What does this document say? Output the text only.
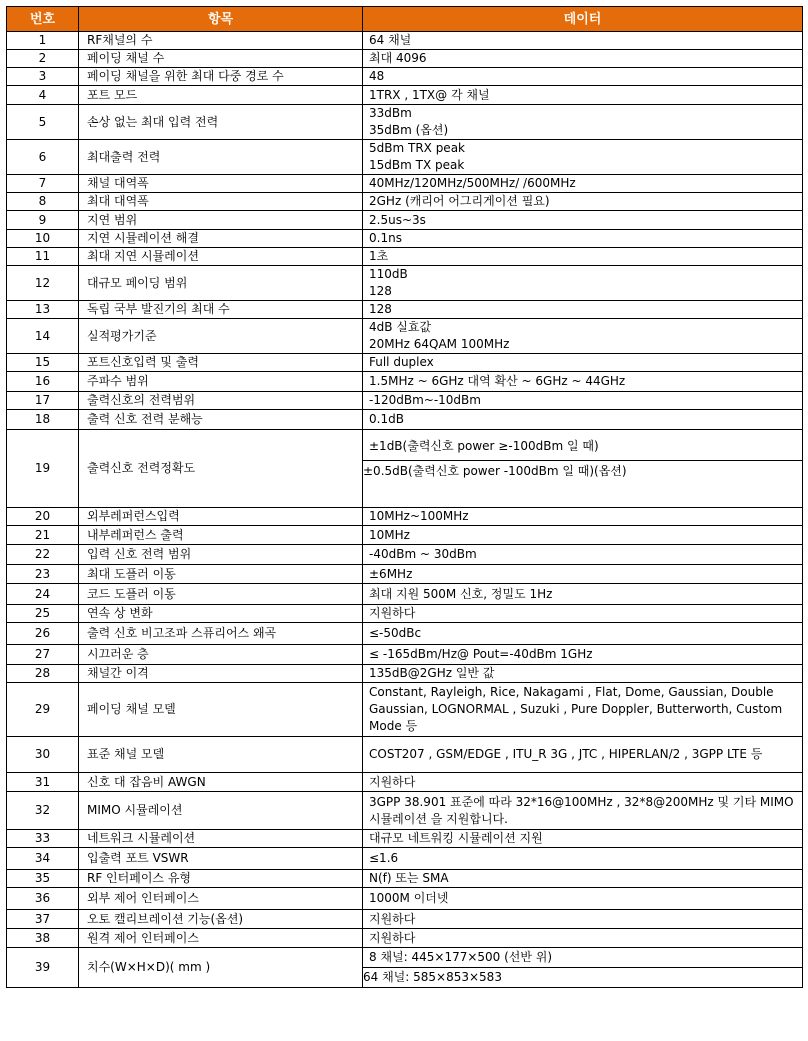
번호	항목	데이터
1	RF채널의 수	64 채널

2	페이딩 채널 수	최대 4096

3	페이딩 채널을 위한 최대 다중 경로 수	48

4	포트 모드	1TRX , 1TX@ 각 채널

5	손상 없는 최대 입력 전력	33dBm
35dBm (옵션)

6	최대출력 전력	5dBm TRX peak
15dBm TX peak

7	채널 대역폭	40MHz/120MHz/500MHz/ /600MHz

8	최대 대역폭	2GHz (캐리어 어그리게이션 필요)

9	지연 범위	2.5us~3s

10	지연 시뮬레이션 해결	0.1ns

11	최대 지연 시뮬레이션	1초

12	대규모 페이딩 범위	110dB
128

13	독립 국부 발진기의 최대 수	128

14	실적평가기준	4dB 실효값
20MHz 64QAM 100MHz

15	포트신호입력 및 출력	Full duplex

16	주파수 범위	1.5MHz ~ 6GHz 대역 확산 ~ 6GHz ~ 44GHz

17	출력신호의 전력범위	-120dBm~-10dBm

18	출력 신호 전력 분해능	0.1dB

19	출력신호 전력정확도	±1dB(출력신호 power ≥-100dBm 일 때)
±0.5dB(출력신호 power -100dBm 일 때)(옵션)

20	외부레퍼런스입력	10MHz~100MHz

21	내부레퍼런스 출력	10MHz

22	입력 신호 전력 범위	-40dBm ~ 30dBm

23	최대 도플러 이동	±6MHz

24	코드 도플러 이동	최대 지원 500M 신호, 정밀도 1Hz

25	연속 상 변화	지원하다

26	출력 신호 비고조파 스퓨리어스 왜곡	≤-50dBc

27	시끄러운 층	≤ -165dBm/Hz@ Pout=-40dBm 1GHz

28	채널간 이격	135dB@2GHz 일반 값

29	페이딩 채널 모델	Constant, Rayleigh, Rice, Nakagami , Flat, Dome, Gaussian, Double Gaussian, LOGNORMAL , Suzuki , Pure Doppler, Butterworth, Custom Mode 등

30	표준 채널 모델	COST207 , GSM/EDGE , ITU_R 3G , JTC , HIPERLAN/2 , 3GPP LTE 등

31	신호 대 잡음비 AWGN	지원하다

32	MIMO 시뮬레이션	3GPP 38.901 표준에 따라 32*16@100MHz , 32*8@200MHz 및 기타 MIMO 시뮬레이션 을 지원합니다.

33	네트워크 시뮬레이션	대규모 네트워킹 시뮬레이션 지원

34	입출력 포트 VSWR	≤1.6

35	RF 인터페이스 유형	N(f) 또는 SMA

36	외부 제어 인터페이스	1000M 이더넷

37	오토 캘리브레이션 기능(옵션)	지원하다

38	원격 제어 인터페이스	지원하다

39	치수(W×H×D)( mm )	8 채널: 445×177×500 (선반 위)
64 채널: 585×853×583
